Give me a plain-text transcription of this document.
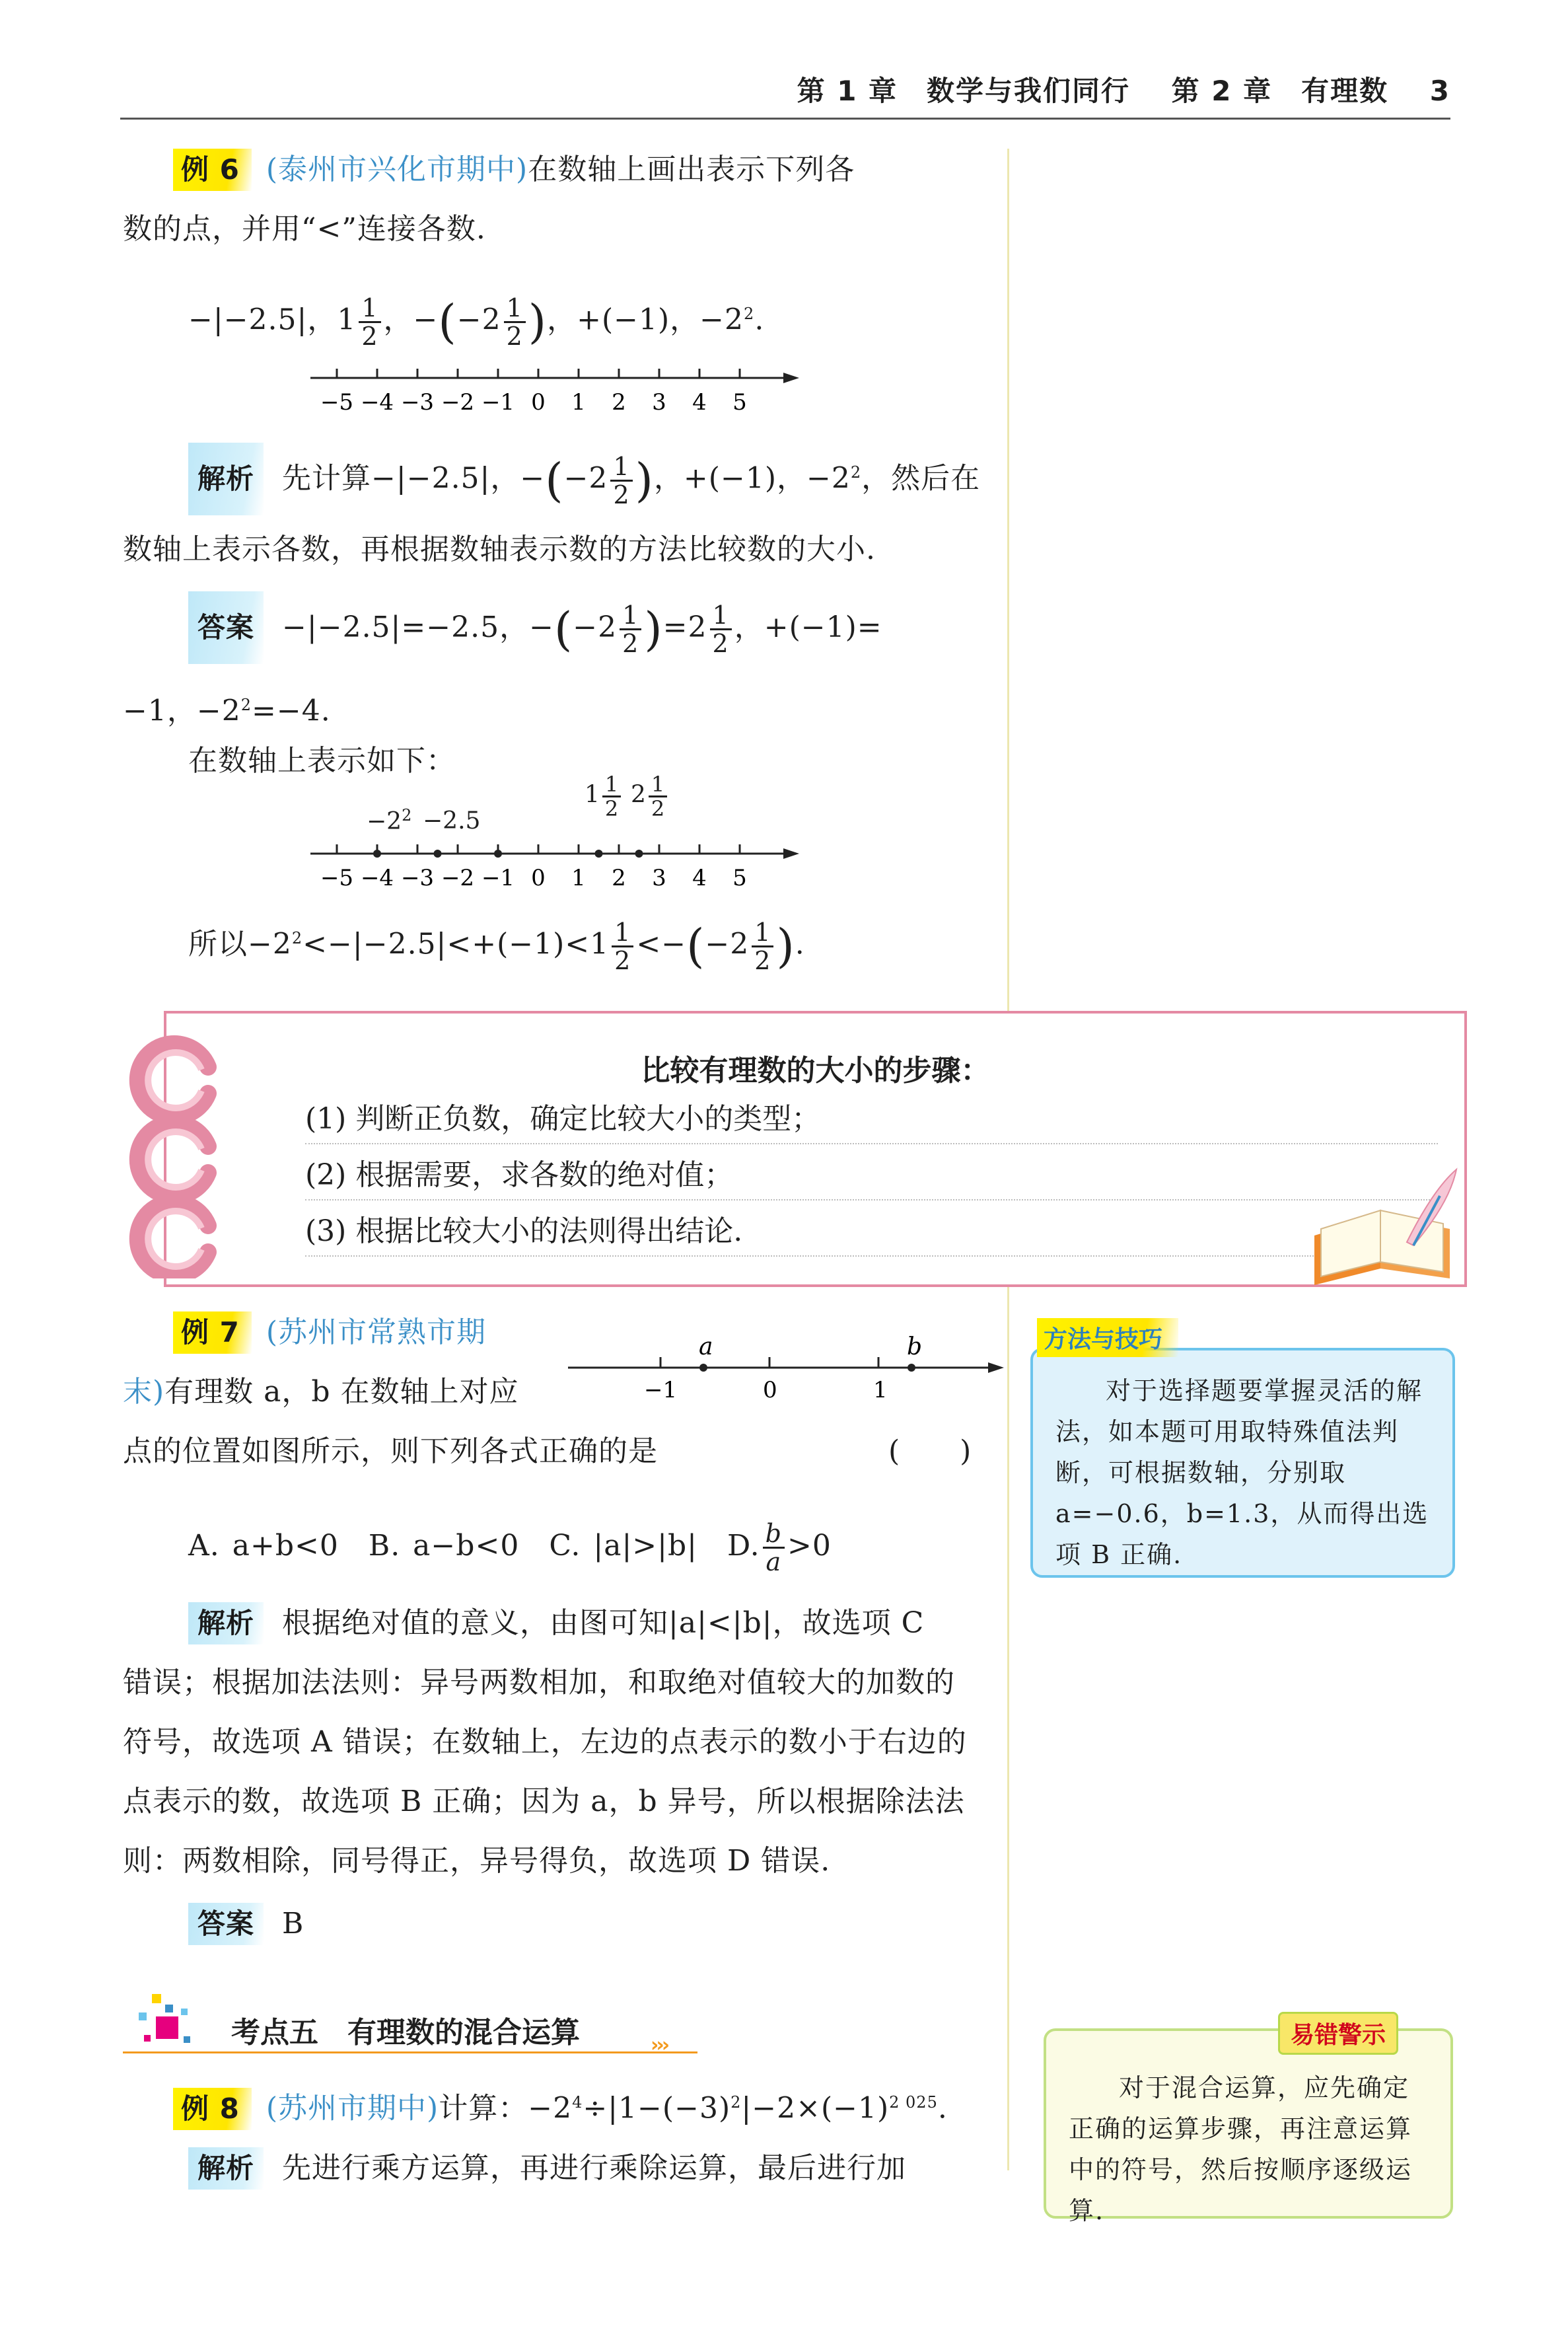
第 1 章　数学与我们同行 第 2 章　有理数 3
例 6 (泰州市兴化市期中)在数轴上画出表示下列各
数的点，并用“<”连接各数.
−|−2.5|，$1 \frac{1}{2}$ ，$-(-2 \frac{1}{2}$ )，+(−1)，$-2^2$.
−5 −4 −3 −2 −1 0 1 2 3 4 5
解析 先计算−|−2.5|，$-(-2 \frac{1}{2}$ )，+(−1)，$-2^2$，然后在
数轴上表示各数，再根据数轴表示数的方法比较数的大小.
答案 −|−2.5|=−2.5，$-(-2 \frac{1}{2} )=2 \frac{1}{2}$ ，+(−1)=
−1，$-2^2=-4$.
在数轴上表示如下：
$-2^2 -2.5$
$1 \frac{1}{2} 2 \frac{1}{2}$
−5 −4 −3 −2 −1 0 1 2 3 4 5
所以$-2^2<-|-2.5|<+(-1)<1 \frac{1}{2} <-(-2 \frac{1}{2}$ ).
比较有理数的大小的步骤：
(1) 判断正负数，确定比较大小的类型；
(2) 根据需要，求各数的绝对值；
(3) 根据比较大小的法则得出结论.
例 7 (苏州市常熟市期
末)有理数 a，b 在数轴上对应
点的位置如图所示，则下列各式正确的是	(　　)
a	b
−1	0	1
A. a+b<0　 B. a−b<0　 C. |a|>|b|　 D. $\frac{b}{a} >0$
解析 根据绝对值的意义，由图可知|a|<|b|，故选项 C
错误；根据加法法则：异号两数相加，和取绝对值较大的加数的
符号，故选项 A 错误；在数轴上，左边的点表示的数小于右边的
点表示的数，故选项 B 正确；因为 a，b 异号，所以根据除法法
则：两数相除，同号得正，异号得负，故选项 D 错误.
答案 B
对于选择题要掌握灵活的解法，如本题可用取特殊值法判断，可根据数轴，分别取 a=−0.6，b=1.3，从而得出选项 B 正确.
方法与技巧
考点五　有理数的混合运算	›››
例 8 (苏州市期中)计算：$-2^4\div|1-(-3)^2|-2\times(-1)^{2 025}$.
解析 先进行乘方运算，再进行乘除运算，最后进行加
对于混合运算，应先确定正确的运算步骤，再注意运算中的符号，然后按顺序逐级运算.
易错警示
